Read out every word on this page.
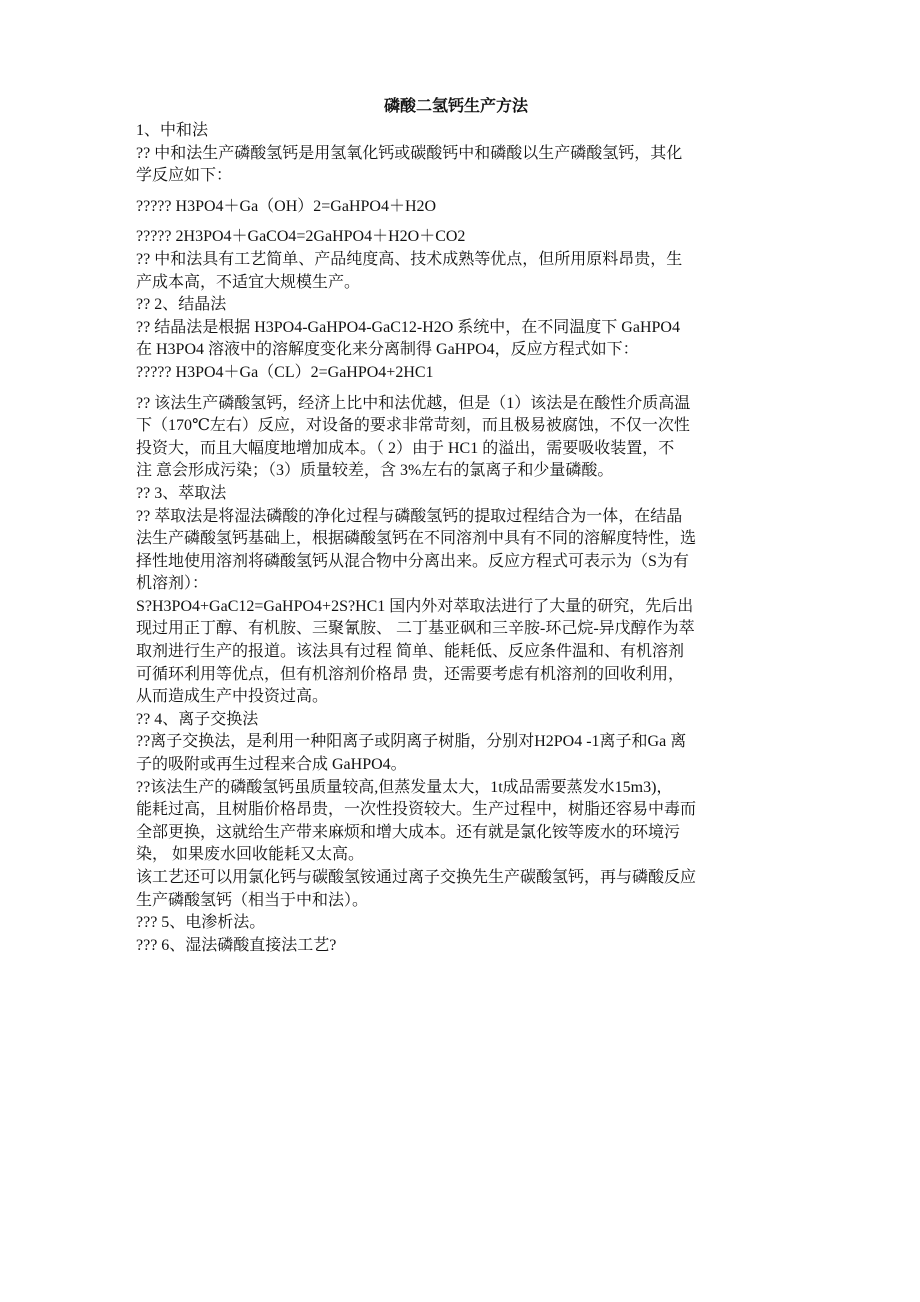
磷酸二氢钙生产方法

1、中和法

?? 中和法生产磷酸氢钙是用氢氧化钙或碳酸钙中和磷酸以生产磷酸氢钙，其化

学反应如下：

????? H3PO4＋Ga（OH）2=GaHPO4＋H2O

????? 2H3PO4＋GaCO4=2GaHPO4＋H2O＋CO2

?? 中和法具有工艺简单、产品纯度高、技术成熟等优点，但所用原料昂贵，生

产成本高，不适宜大规模生产。

?? 2、结晶法

?? 结晶法是根据 H3PO4-GaHPO4-GaC12-H2O 系统中，在不同温度下 GaHPO4

在 H3PO4 溶液中的溶解度变化来分离制得 GaHPO4，反应方程式如下：

????? H3PO4＋Ga（CL）2=GaHPO4+2HC1

?? 该法生产磷酸氢钙，经济上比中和法优越，但是（1）该法是在酸性介质高温

下（170℃左右）反应，对设备的要求非常苛刻，而且极易被腐蚀，不仅一次性

投资大，而且大幅度地增加成本。（ 2）由于 HC1 的溢出，需要吸收装置，不

注 意会形成污染；（3）质量较差，含 3%左右的氯离子和少量磷酸。

?? 3、萃取法

?? 萃取法是将湿法磷酸的净化过程与磷酸氢钙的提取过程结合为一体，在结晶

法生产磷酸氢钙基础上，根据磷酸氢钙在不同溶剂中具有不同的溶解度特性，选

择性地使用溶剂将磷酸氢钙从混合物中分离出来。反应方程式可表示为（S为有

机溶剂）：

S?H3PO4+GaC12=GaHPO4+2S?HC1 国内外对萃取法进行了大量的研究，先后出

现过用正丁醇、有机胺、三聚氰胺、 二丁基亚砜和三辛胺-环己烷-异戊醇作为萃

取剂进行生产的报道。该法具有过程 简单、能耗低、反应条件温和、有机溶剂

可循环利用等优点，但有机溶剂价格昂 贵，还需要考虑有机溶剂的回收利用，

从而造成生产中投资过高。

?? 4、离子交换法

??离子交换法，是利用一种阳离子或阴离子树脂，分别对H2PO4 -1离子和Ga 离

子的吸附或再生过程来合成 GaHPO4。

??该法生产的磷酸氢钙虽质量较高,但蒸发量太大，1t成品需要蒸发水15m3)，

能耗过高，且树脂价格昂贵，一次性投资较大。生产过程中，树脂还容易中毒而

全部更换，这就给生产带来麻烦和增大成本。还有就是氯化铵等废水的环境污

染， 如果废水回收能耗又太高。

该工艺还可以用氯化钙与碳酸氢铵通过离子交换先生产碳酸氢钙，再与磷酸反应

生产磷酸氢钙（相当于中和法）。

??? 5、电渗析法。

??? 6、湿法磷酸直接法工艺?
